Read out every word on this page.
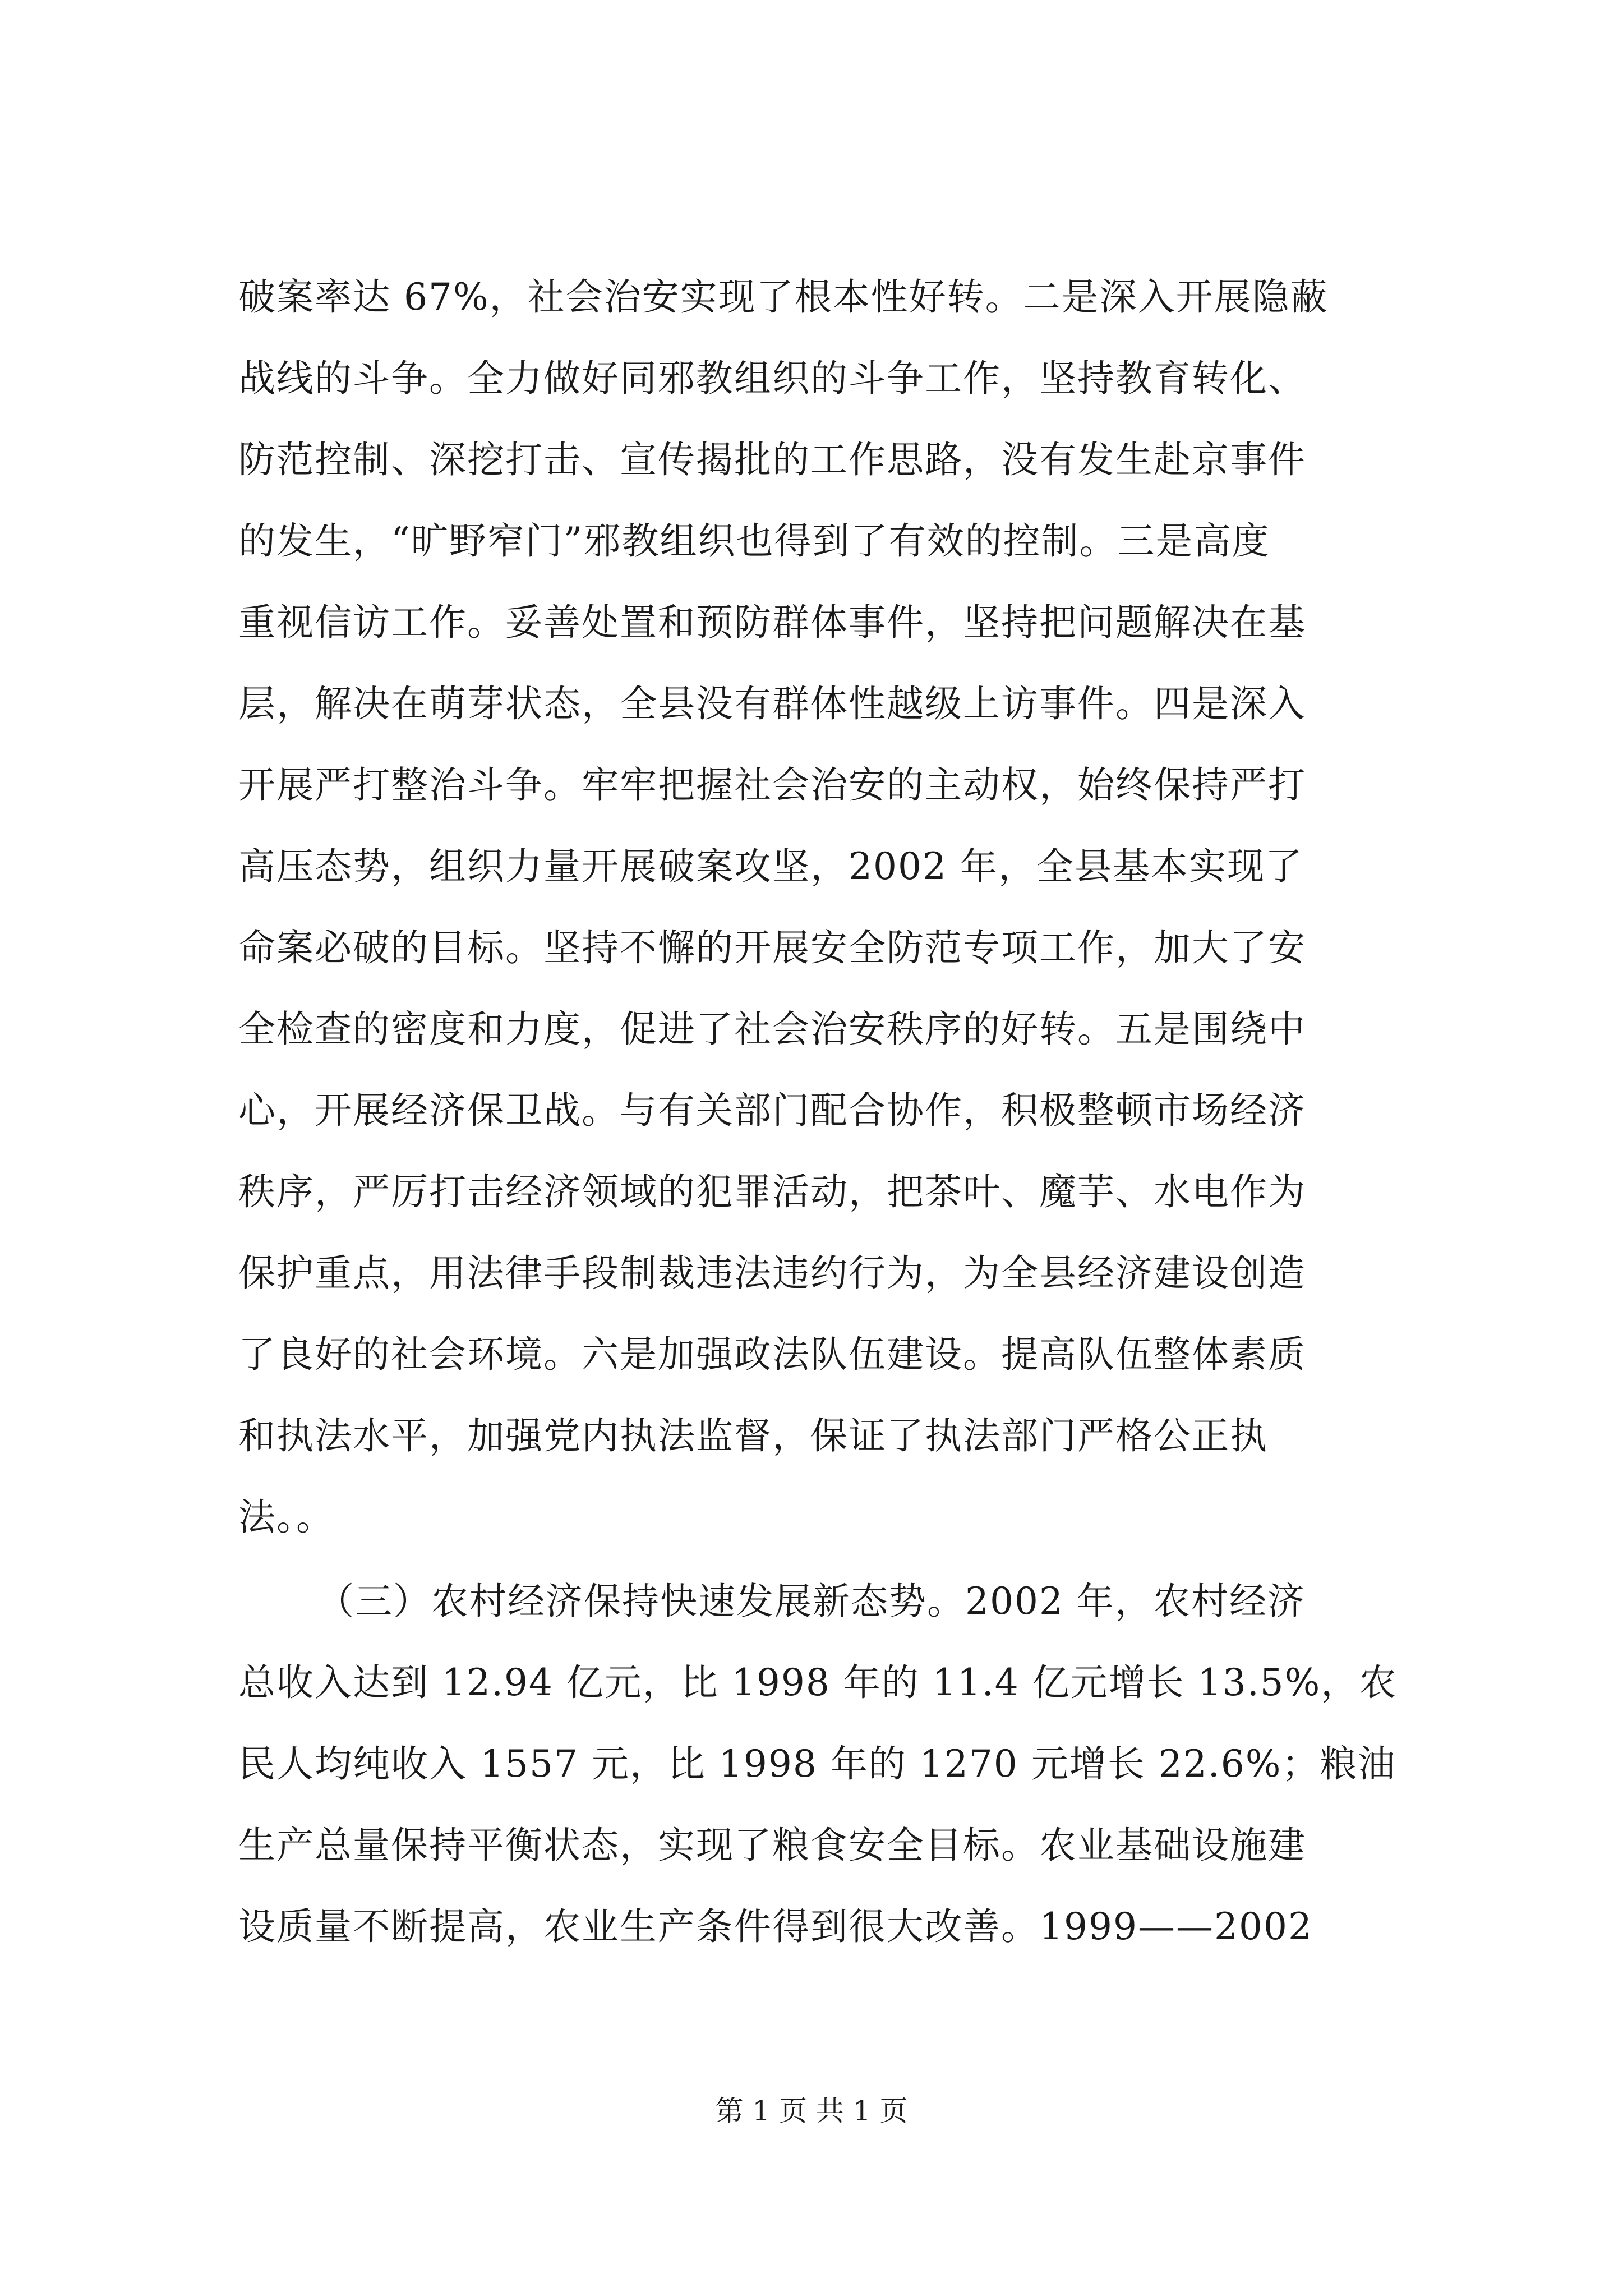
破案率达 67%，社会治安实现了根本性好转。二是深入开展隐蔽
战线的斗争。全力做好同邪教组织的斗争工作，坚持教育转化、
防范控制、深挖打击、宣传揭批的工作思路，没有发生赴京事件
的发生，“旷野窄门”邪教组织也得到了有效的控制。三是高度
重视信访工作。妥善处置和预防群体事件，坚持把问题解决在基
层，解决在萌芽状态，全县没有群体性越级上访事件。四是深入
开展严打整治斗争。牢牢把握社会治安的主动权，始终保持严打
高压态势，组织力量开展破案攻坚，2002 年，全县基本实现了
命案必破的目标。坚持不懈的开展安全防范专项工作，加大了安
全检查的密度和力度，促进了社会治安秩序的好转。五是围绕中
心，开展经济保卫战。与有关部门配合协作，积极整顿市场经济
秩序，严厉打击经济领域的犯罪活动，把茶叶、魔芋、水电作为
保护重点，用法律手段制裁违法违约行为，为全县经济建设创造
了良好的社会环境。六是加强政法队伍建设。提高队伍整体素质
和执法水平，加强党内执法监督，保证了执法部门严格公正执
法。。
（三）农村经济保持快速发展新态势。2002 年，农村经济
总收入达到 12.94 亿元，比 1998 年的 11.4 亿元增长 13.5%，农
民人均纯收入 1557 元，比 1998 年的 1270 元增长 22.6%；粮油
生产总量保持平衡状态，实现了粮食安全目标。农业基础设施建
设质量不断提高，农业生产条件得到很大改善。1999——2002
第 1 页 共 1 页
